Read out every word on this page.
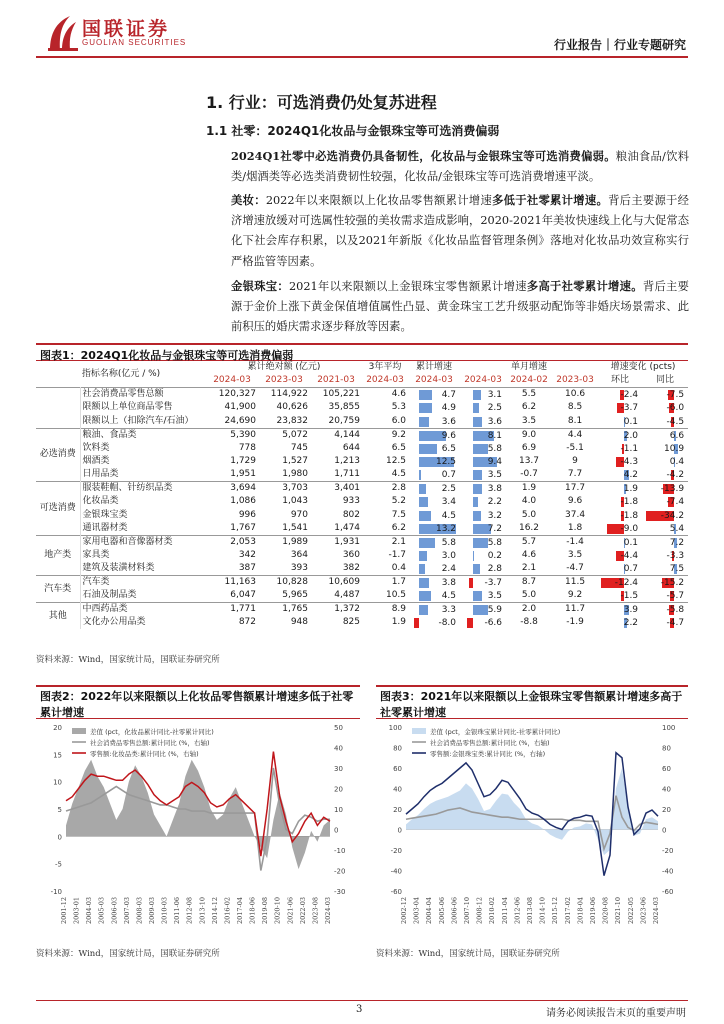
国联证券
GUOLIAN SECURITIES	行业报告｜行业专题研究
1. 行业：可选消费仍处复苏进程
1.1 社零：2024Q1化妆品与金银珠宝等可选消费偏弱
2024Q1社零中必选消费仍具备韧性，化妆品与金银珠宝等可选消费偏弱。粮油食品/饮料类/烟酒类等必选类消费韧性较强，化妆品/金银珠宝等可选消费增速平淡。
美妆：2022年以来限额以上化妆品零售额累计增速多低于社零累计增速。背后主要源于经济增速放缓对可选属性较强的美妆需求造成影响，2020-2021年美妆快速线上化与大促常态化下社会库存积累，以及2021年新版《化妆品监督管理条例》落地对化妆品功效宣称实行严格监管等因素。
金银珠宝：2021年以来限额以上金银珠宝零售额累计增速多高于社零累计增速。背后主要源于金价上涨下黄金保值增值属性凸显、黄金珠宝工艺升级驱动配饰等非婚庆场景需求、此前积压的婚庆需求逐步释放等因素。
图表1：2024Q1化妆品与金银珠宝等可选消费偏弱
指标名称(亿元 / %)		累计绝对额 (亿元)			3年平均	累计增速	单月增速			增速变化 (pcts)	
		2024-03	2023-03	2021-03	2024-03	2024-03	2024-03	2024-02	2023-03	环比	同比
	社会消费品零售总额	120,327	114,922	105,221	4.6	4.7	3.1	5.5	10.6	-2.4	-7.5

	限额以上单位商品零售	41,900	40,626	35,855	5.3	4.9	2.5	6.2	8.5	-3.7	-6.0

	限额以上（扣除汽车/石油）	24,690	23,832	20,759	6.0	3.6	3.6	3.5	8.1	0.1	-4.5

必选消费	粮油、食品类	5,390	5,072	4,144	9.2	9.6	8.1	9.0	4.4	2.0	6.6

	饮料类	778	745	644	6.5	6.5	5.8	6.9	-5.1	-1.1	10.9

	烟酒类	1,729	1,527	1,213	12.5	12.5	9.4	13.7	9	-4.3	0.4

	日用品类	1,951	1,980	1,711	4.5	0.7	3.5	-0.7	7.7	4.2	-4.2

可选消费	服装鞋帽、针纺织品类	3,694	3,703	3,401	2.8	2.5	3.8	1.9	17.7	1.9	-13.9

	化妆品类	1,086	1,043	933	5.2	3.4	2.2	4.0	9.6	-1.8	-7.4

	金银珠宝类	996	970	802	7.5	4.5	3.2	5.0	37.4	-1.8	-34.2

	通讯器材类	1,767	1,541	1,474	6.2	13.2	7.2	16.2	1.8	-9.0	5.4

地产类	家用电器和音像器材类	2,053	1,989	1,931	2.1	5.8	5.8	5.7	-1.4	0.1	7.2

	家具类	342	364	360	-1.7	3.0	0.2	4.6	3.5	-4.4	-3.3

	建筑及装潢材料类	387	393	382	0.4	2.4	2.8	2.1	-4.7	0.7	7.5

汽车类	汽车类	11,163	10,828	10,609	1.7	3.8	-3.7	8.7	11.5	-12.4	-15.2

	石油及制品类	6,047	5,965	4,487	10.5	4.5	3.5	5.0	9.2	-1.5	-5.7

其他	中西药品类	1,771	1,765	1,372	8.9	3.3	5.9	2.0	11.7	3.9	-5.8

	文化办公用品类	872	948	825	1.9	-8.0	-6.6	-8.8	-1.9	2.2	-4.7
资料来源：Wind，国家统计局，国联证券研究所
图表2：2022年以来限额以上化妆品零售额累计增速多低于社零累计增速
20
15
10
5
0
-5
-10
50
40
30
20
10
0
-10
-20
-30
2001-12 2003-01 2004-03 2005-03 2006-03 2007-03 2008-03 2009-03 2010-03 2011-06 2012-08 2013-10 2014-12 2016-02 2017-04 2018-06 2019-08 2020-10 2021-06 2022-03 2023-08 2024-03
差值 (pct，化妆品累计同比-社零累计同比)
社会消费品零售总额:累计同比 (%，右轴)
零售额:化妆品类:累计同比 (%，右轴)
资料来源：Wind，国家统计局，国联证券研究所
图表3：2021年以来限额以上金银珠宝零售额累计增速多高于社零累计增速
100
80
60
40
20
0
-20
-40
-60
100
80
60
40
20
0
-20
-40
-60
2002-12 2003-04 2004-04 2005-06 2006-06 2007-10 2008-12 2010-02 2011-04 2012-06 2013-08 2014-10 2015-12 2017-02 2018-04 2019-06 2020-08 2021-10 2022-05 2023-06 2024-03
差值 (pct，金银珠宝累计同比-社零累计同比)
社会消费品零售总额:累计同比 (%，右轴)
零售额:金银珠宝类:累计同比 (%，右轴)
资料来源：Wind，国家统计局，国联证券研究所
3	请务必阅读报告末页的重要声明
